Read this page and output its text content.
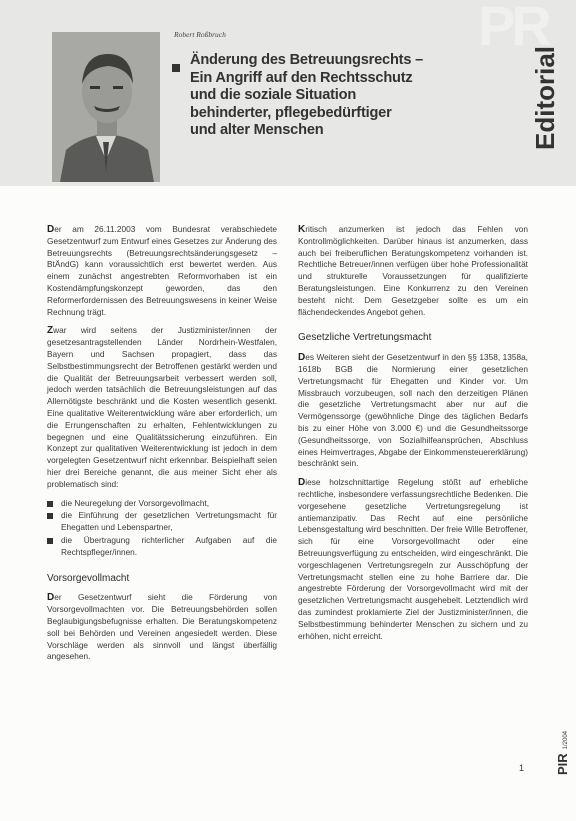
Robert Roßbruch
Änderung des Betreuungsrechts –
Ein Angriff auf den Rechtsschutz
und die soziale Situation
behinderter, pflegebedürftiger
und alter Menschen
PR
Editorial

Der am 26.11.2003 vom Bundesrat verabschiedete Gesetzentwurf zum Entwurf eines Gesetzes zur Änderung des Betreuungsrechts (Betreuungsrechtsänderungsgesetz – BtÄndG) kann voraussichtlich erst bewertet werden. Aus einem zunächst angestrebten Reformvorhaben ist ein Kostendämpfungskonzept geworden, das den Reformerfordernissen des Betreuungswesens in keiner Weise Rechnung trägt.

Zwar wird seitens der Justizminister/innen der gesetzesantragstellenden Länder Nordrhein-Westfalen, Bayern und Sachsen propagiert, dass das Selbstbestimmungsrecht der Betroffenen gestärkt werden und die Qualität der Betreuungsarbeit verbessert werden soll, jedoch werden tatsächlich die Betreuungsleistungen auf das Allernötigste beschränkt und die Kosten wesentlich gesenkt. Eine qualitative Weiterentwicklung wäre aber erforderlich, um die Errungenschaften zu erhalten, Fehlentwicklungen zu begegnen und eine Qualitätssicherung einzuführen. Ein Konzept zur qualitativen Weiterentwicklung ist jedoch in dem vorgelegten Gesetzentwurf nicht erkennbar. Beispielhaft seien hier drei Bereiche genannt, die aus meiner Sicht eher als problematisch sind:

die Neuregelung der Vorsorgevollmacht,
die Einführung der gesetzlichen Vertretungsmacht für Ehegatten und Lebenspartner,
die Übertragung richterlicher Aufgaben auf die Rechtspfleger/innen.
Vorsorgevollmacht

Der Gesetzentwurf sieht die Förderung von Vorsorgevollmachten vor. Die Betreuungsbehörden sollen Beglaubigungsbefugnisse erhalten. Die Beratungskompetenz soll bei Behörden und Vereinen angesiedelt werden. Diese Vorschläge werden als sinnvoll und längst überfällig angesehen.

Kritisch anzumerken ist jedoch das Fehlen von Kontrollmöglichkeiten. Darüber hinaus ist anzumerken, dass auch bei freiberuflichen Beratungskompetenz vorhanden ist. Rechtliche Betreuer/innen verfügen über hohe Professionalität und strukturelle Voraussetzungen für qualifizierte Beratungsleistungen. Eine Konkurrenz zu den Vereinen besteht nicht. Dem Gesetzgeber sollte es um ein flächendeckendes Angebot gehen.

Gesetzliche Vertretungsmacht

Des Weiteren sieht der Gesetzentwurf in den §§ 1358, 1358a, 1618b BGB die Normierung einer gesetzlichen Vertretungsmacht für Ehegatten und Kinder vor. Um Missbrauch vorzubeugen, soll nach den derzeitigen Plänen die gesetzliche Vertretungsmacht aber nur auf die Vermögenssorge (gewöhnliche Dinge des täglichen Bedarfs bis zu einer Höhe von 3.000 €) und die Gesundheitssorge (Gesundheitssorge, von Sozialhilfeansprüchen, Abschluss eines Heimvertrages, Abgabe der Einkommensteuererklärung) beschränkt sein.

Diese holzschnittartige Regelung stößt auf erhebliche rechtliche, insbesondere verfassungsrechtliche Bedenken. Die vorgesehene gesetzliche Vertretungsregelung ist antiemanzipativ. Das Recht auf eine persönliche Lebensgestaltung wird beschnitten. Der freie Wille Betroffener, sich für eine Vorsorgevollmacht oder eine Betreuungsverfügung zu entscheiden, wird eingeschränkt. Die vorgeschlagenen Vertretungsregeln zur Ausschöpfung der Vertretungsmacht stellen eine zu hohe Barriere dar. Die angestrebte Förderung der Vorsorgevollmacht wird mit der gesetzlichen Vertretungsmacht ausgehebelt. Letztendlich wird das zumindest proklamierte Ziel der Justizminister/innen, die Selbstbestimmung behinderter Menschen zu sichern und zu erhöhen, nicht erreicht.

1 PIR1/2004
